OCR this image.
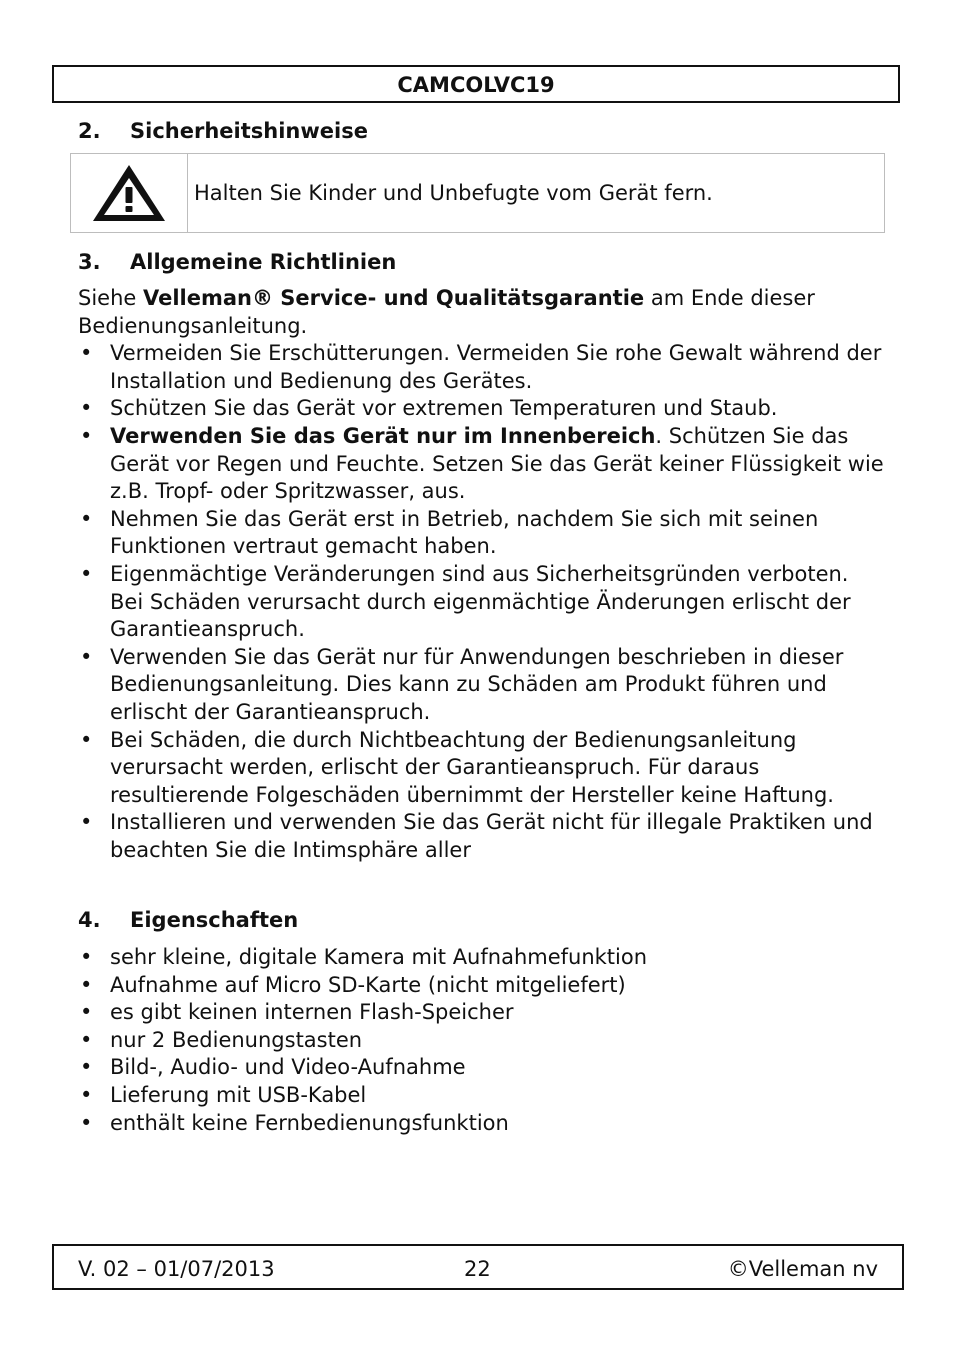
CAMCOLVC19
2.	Sicherheitshinweise
Halten Sie Kinder und Unbefugte vom Gerät fern.
3.	Allgemeine Richtlinien
Siehe Velleman® Service- und Qualitätsgarantie am Ende dieser Bedienungsanleitung.
• Vermeiden Sie Erschütterungen. Vermeiden Sie rohe Gewalt während der Installation und Bedienung des Gerätes.
• Schützen Sie das Gerät vor extremen Temperaturen und Staub.
• Verwenden Sie das Gerät nur im Innenbereich. Schützen Sie das Gerät vor Regen und Feuchte. Setzen Sie das Gerät keiner Flüssigkeit wie z.B. Tropf- oder Spritzwasser, aus.
• Nehmen Sie das Gerät erst in Betrieb, nachdem Sie sich mit seinen Funktionen vertraut gemacht haben.
• Eigenmächtige Veränderungen sind aus Sicherheitsgründen verboten. Bei Schäden verursacht durch eigenmächtige Änderungen erlischt der Garantieanspruch.
• Verwenden Sie das Gerät nur für Anwendungen beschrieben in dieser Bedienungsanleitung. Dies kann zu Schäden am Produkt führen und erlischt der Garantieanspruch.
• Bei Schäden, die durch Nichtbeachtung der Bedienungsanleitung verursacht werden, erlischt der Garantieanspruch. Für daraus resultierende Folgeschäden übernimmt der Hersteller keine Haftung.
• Installieren und verwenden Sie das Gerät nicht für illegale Praktiken und beachten Sie die Intimsphäre aller
4.	Eigenschaften
• sehr kleine, digitale Kamera mit Aufnahmefunktion
• Aufnahme auf Micro SD-Karte (nicht mitgeliefert)
• es gibt keinen internen Flash-Speicher
• nur 2 Bedienungstasten
• Bild-, Audio- und Video-Aufnahme
• Lieferung mit USB-Kabel
• enthält keine Fernbedienungsfunktion
V. 02 – 01/07/2013	22	©Velleman nv
